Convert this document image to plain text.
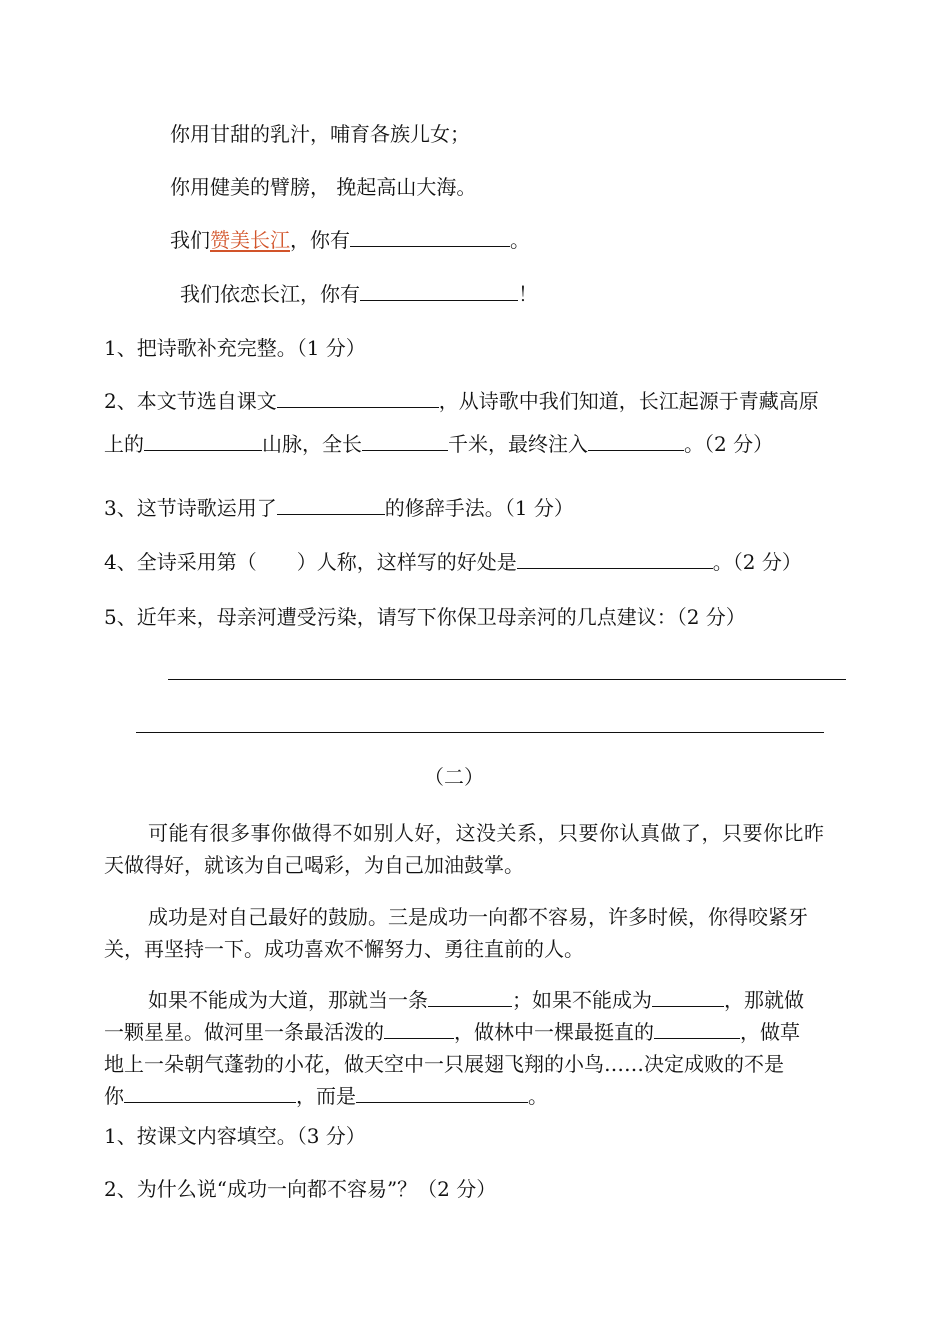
你用甘甜的乳汁，哺育各族儿女；
你用健美的臂膀， 挽起高山大海。
我们赞美长江，你有	。
我们依恋长江，你有	！
1、把诗歌补充完整。（1 分）
2、本文节选自课文	，从诗歌中我们知道，长江起源于青藏高原
上的	山脉，全长	千米，最终注入	。（2 分）
3、这节诗歌运用了	的修辞手法。（1 分）
4、全诗采用第（　　）人称，这样写的好处是	。（2 分）
5、近年来，母亲河遭受污染，请写下你保卫母亲河的几点建议：（2 分）
（二）
可能有很多事你做得不如别人好，这没关系，只要你认真做了，只要你比昨
天做得好，就该为自己喝彩，为自己加油鼓掌。
成功是对自己最好的鼓励。三是成功一向都不容易，许多时候，你得咬紧牙
关，再坚持一下。成功喜欢不懈努力、勇往直前的人。
如果不能成为大道，那就当一条	；如果不能成为	，那就做
一颗星星。做河里一条最活泼的	，做林中一棵最挺直的	，做草
地上一朵朝气蓬勃的小花，做天空中一只展翅飞翔的小鸟……决定成败的不是
你	，而是	。
1、按课文内容填空。（3 分）
2、为什么说“成功一向都不容易”？（2 分）
